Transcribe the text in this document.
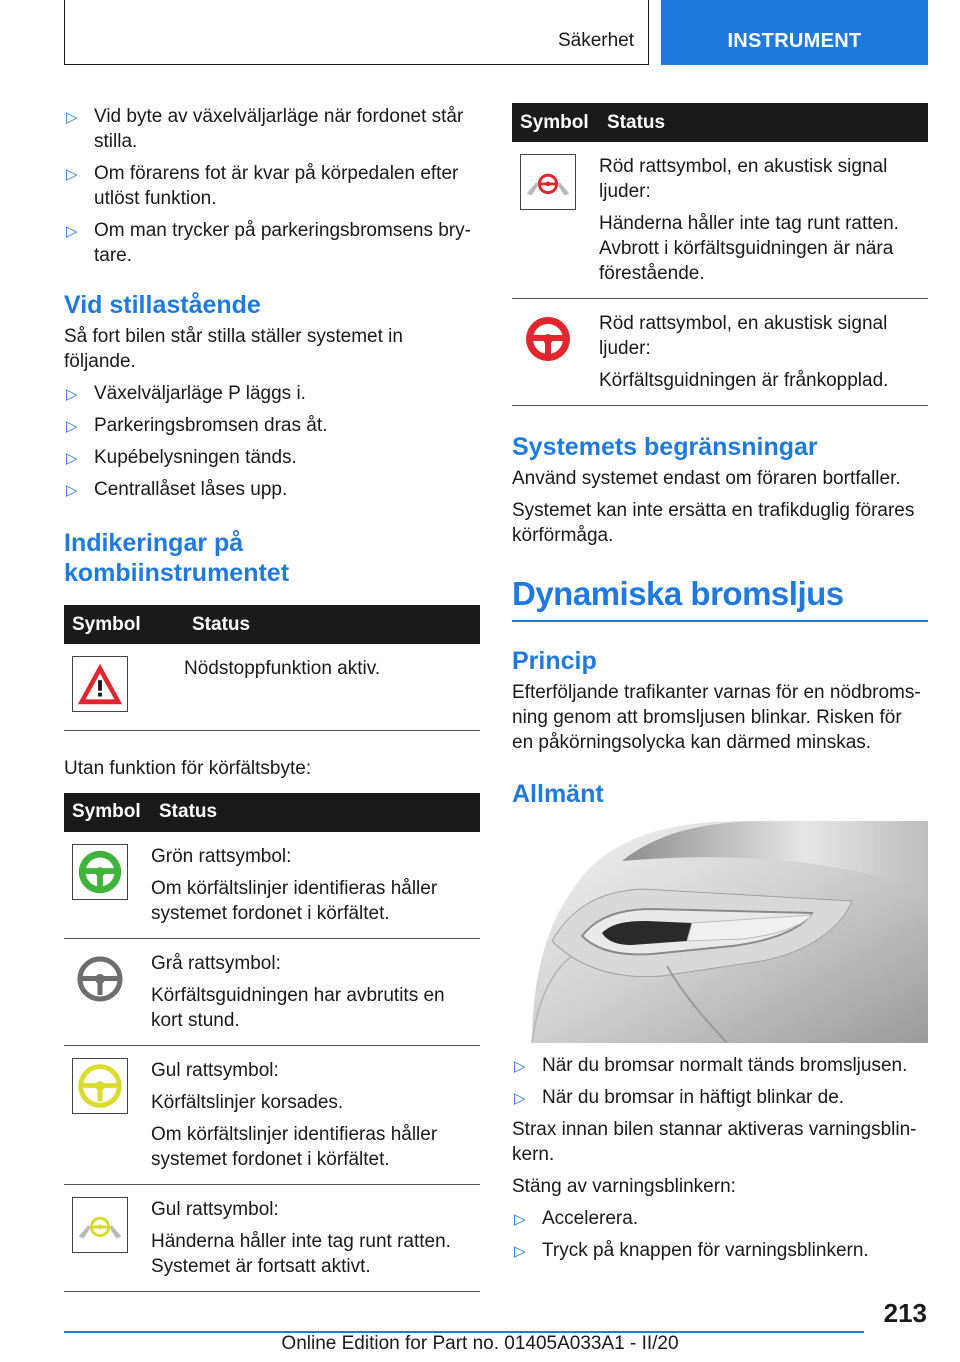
Säkerhet	INSTRUMENT
▷ Vid byte av växelväljarläge när fordonet står stilla.
▷ Om förarens fot är kvar på körpedalen efter utlöst funktion.
▷ Om man trycker på parkeringsbromsens brytare.
Vid stillastående
Så fort bilen står stilla ställer systemet in följande.
▷ Växelväljarläge P läggs i.
▷ Parkeringsbromsen dras åt.
▷ Kupébelysningen tänds.
▷ Centrallåset låses upp.
Indikeringar på
kombiinstrumentet
Symbol	Status

Nödstoppfunktion aktiv.
Utan funktion för körfältsbyte:
Symbol	Status

Grön rattsymbol:
Om körfältslinjer identifieras håller systemet fordonet i körfältet.

Grå rattsymbol:
Körfältsguidningen har avbrutits en kort stund.

Gul rattsymbol:
Körfältslinjer korsades.
Om körfältslinjer identifieras håller systemet fordonet i körfältet.

Gul rattsymbol:
Händerna håller inte tag runt ratten. Systemet är fortsatt aktivt.
Symbol	Status

Röd rattsymbol, en akustisk signal ljuder:
Händerna håller inte tag runt ratten. Avbrott i körfältsguidningen är nära förestående.

Röd rattsymbol, en akustisk signal ljuder:
Körfältsguidningen är frånkopplad.
Systemets begränsningar
Använd systemet endast om föraren bortfaller.
Systemet kan inte ersätta en trafikduglig förares körförmåga.
Dynamiska bromsljus
Princip
Efterföljande trafikanter varnas för en nödbromsning genom att bromsljusen blinkar. Risken för en påkörningsolycka kan därmed minskas.
Allmänt
▷ När du bromsar normalt tänds bromsljusen.
▷ När du bromsar in häftigt blinkar de.
Strax innan bilen stannar aktiveras varningsblinkern.
Stäng av varningsblinkern:
▷ Accelerera.
▷ Tryck på knappen för varningsblinkern.
213
Online Edition for Part no. 01405A033A1 - II/20
